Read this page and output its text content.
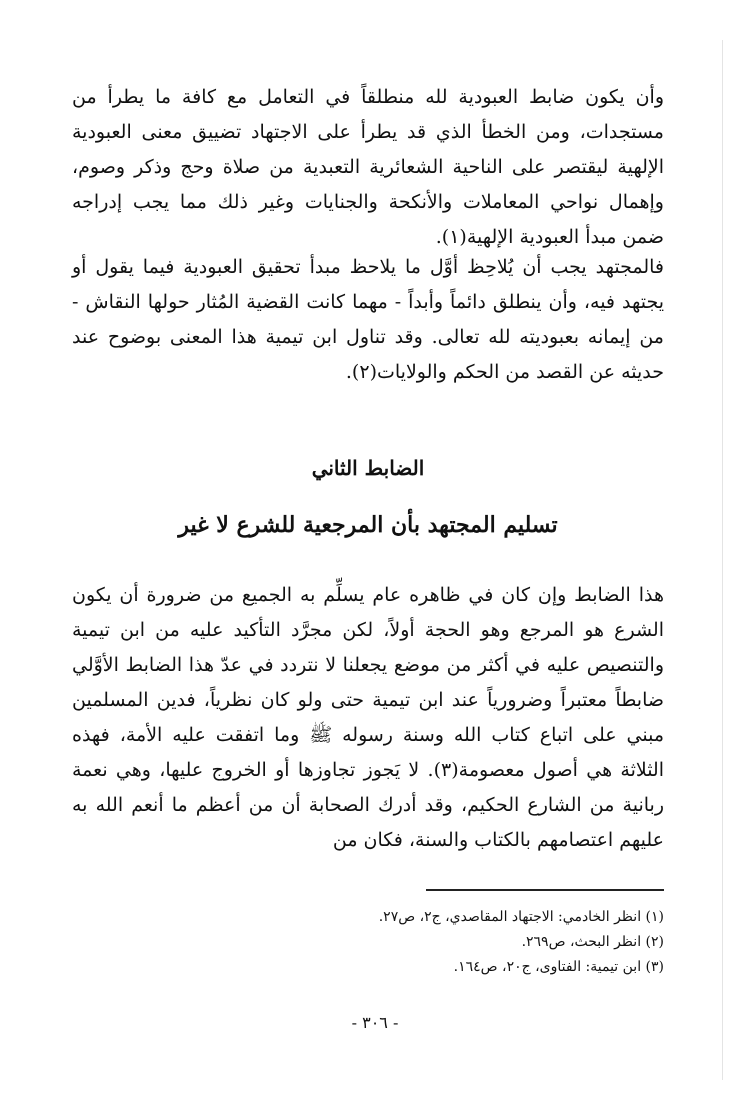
وأن يكون ضابط العبودية لله منطلقاً في التعامل مع كافة ما يطرأ من مستجدات، ومن الخطأ الذي قد يطرأ على الاجتهاد تضييق معنى العبودية الإلهية ليقتصر على الناحية الشعائرية التعبدية من صلاة وحج وذكر وصوم، وإهمال نواحي المعاملات والأنكحة والجنايات وغير ذلك مما يجب إدراجه ضمن مبدأ العبودية الإلهية(١).

فالمجتهد يجب أن يُلاحِظ أوَّل ما يلاحظ مبدأ تحقيق العبودية فيما يقول أو يجتهد فيه، وأن ينطلق دائماً وأبداً - مهما كانت القضية المُثار حولها النقاش - من إيمانه بعبوديته لله تعالى. وقد تناول ابن تيمية هذا المعنى بوضوح عند حديثه عن القصد من الحكم والولايات(٢).

الضابط الثاني
تسليم المجتهد بأن المرجعية للشرع لا غير

هذا الضابط وإن كان في ظاهره عام يسلِّم به الجميع من ضرورة أن يكون الشرع هو المرجع وهو الحجة أولاً، لكن مجرَّد التأكيد عليه من ابن تيمية والتنصيص عليه في أكثر من موضع يجعلنا لا نتردد في عدّ هذا الضابط الأوَّلي ضابطاً معتبراً وضرورياً عند ابن تيمية حتى ولو كان نظرياً، فدين المسلمين مبني على اتباع كتاب الله وسنة رسوله ﷺ وما اتفقت عليه الأمة، فهذه الثلاثة هي أصول معصومة(٣). لا يَجوز تجاوزها أو الخروج عليها، وهي نعمة ربانية من الشارع الحكيم، وقد أدرك الصحابة أن من أعظم ما أنعم الله به عليهم اعتصامهم بالكتاب والسنة، فكان من

(١) انظر الخادمي: الاجتهاد المقاصدي، ج٢، ص٢٧.
(٢) انظر البحث، ص٢٦٩.
(٣) ابن تيمية: الفتاوى، ج٢٠، ص١٦٤.
- ٣٠٦ -
